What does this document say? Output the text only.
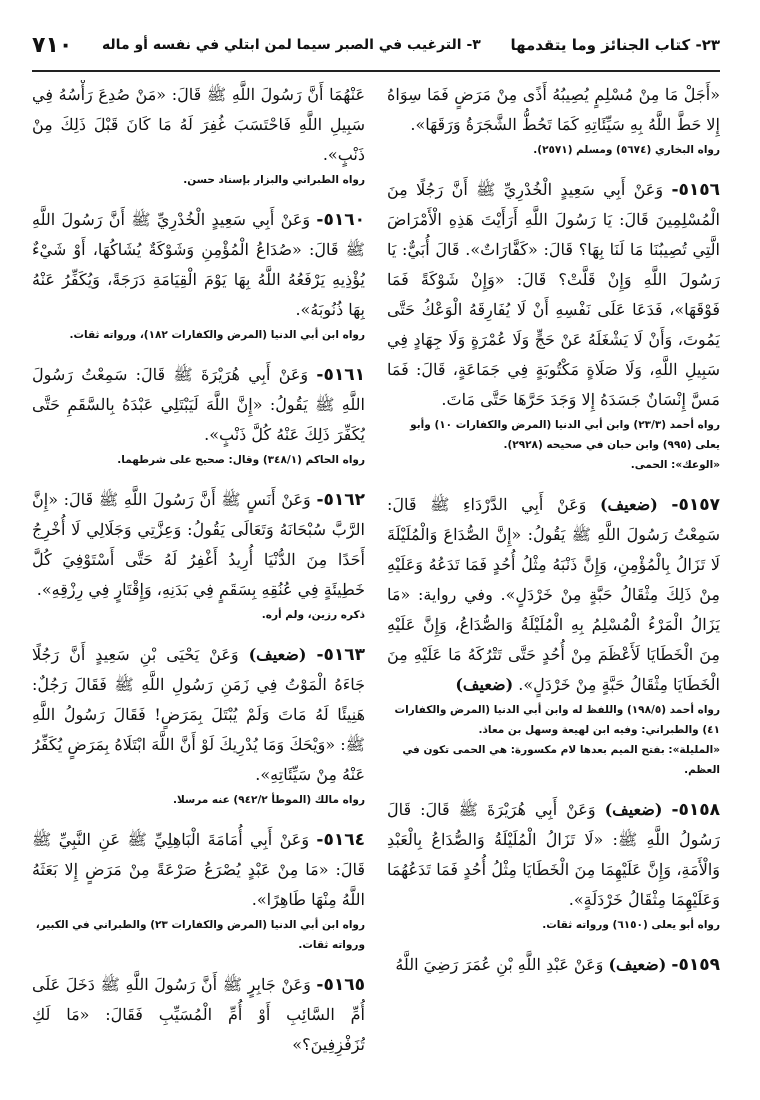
٢٣- كتاب الجنائز وما يتقدمها
٣- الترغيب في الصبر سيما لمن ابتلي في نفسه أو ماله
٧١٠

«أَجَلْ مَا مِنْ مُسْلِمٍ يُصِيبُهُ أَذًى مِنْ مَرَضٍ فَمَا سِوَاهُ إِلا حَطَّ اللَّهُ بِهِ سَيِّئَاتِهِ كَمَا تَحُطُّ الشَّجَرَةُ وَرَقَهَا».

رواه البخاري (٥٦٧٤) ومسلم (٢٥٧١).

٥١٥٦- وَعَنْ أَبِي سَعِيدٍ الْخُدْرِيِّ ﷺ أَنَّ رَجُلًا مِنَ الْمُسْلِمِينَ قَالَ: يَا رَسُولَ اللَّهِ أَرَأَيْتَ هَذِهِ الْأَمْرَاضَ الَّتِي تُصِيبُنَا مَا لَنَا بِهَا؟ قَالَ: «كَفَّارَاتٌ». قَالَ أُبَيٌّ: يَا رَسُولَ اللَّهِ وَإِنْ قَلَّتْ؟ قَالَ: «وَإِنْ شَوْكَةً فَمَا فَوْقَهَا»، فَدَعَا عَلَى نَفْسِهِ أَنْ لَا يُفَارِقَهُ الْوَعْكُ حَتَّى يَمُوتَ، وَأَنْ لَا يَشْغَلَهُ عَنْ حَجٍّ وَلَا عُمْرَةٍ وَلَا جِهَادٍ فِي سَبِيلِ اللَّهِ، وَلَا صَلَاةٍ مَكْتُوبَةٍ فِي جَمَاعَةٍ، قَالَ: فَمَا مَسَّ إِنْسَانٌ جَسَدَهُ إِلا وَجَدَ حَرَّهَا حَتَّى مَاتَ.

رواه أحمد (٢٣/٣) وابن أبي الدنيا (المرض والكفارات ١٠) وأبو يعلى (٩٩٥) وابن حبان في صحيحه (٢٩٢٨).

«الوعك»: الحمى.

٥١٥٧- (ضعيف) وَعَنْ أَبِي الدَّرْدَاءِ ﷺ قَالَ: سَمِعْتُ رَسُولَ اللَّهِ ﷺ يَقُولُ: «إِنَّ الصُّدَاعَ وَالْمُلَيْلَةَ لَا تَزَالُ بِالْمُؤْمِنِ، وَإِنَّ ذَنْبَهُ مِثْلُ أُحُدٍ فَمَا تَدَعُهُ وَعَلَيْهِ مِنْ ذَلِكَ مِثْقَالُ حَبَّةٍ مِنْ خَرْدَلٍ». وفي رواية: «مَا يَزَالُ الْمَرْءُ الْمُسْلِمُ بِهِ الْمُلَيْلَةُ وَالصُّدَاعُ، وَإِنَّ عَلَيْهِ مِنَ الْخَطَايَا لَأَعْظَمَ مِنْ أُحُدٍ حَتَّى تَتْرُكَهُ مَا عَلَيْهِ مِنَ الْخَطَايَا مِثْقَالُ حَبَّةٍ مِنْ خَرْدَلٍ». (ضعيف)

رواه أحمد (١٩٨/٥) واللفظ له وابن أبي الدنيا (المرض والكفارات ٤١) والطبراني: وفيه ابن لهيعة وسهل بن معاذ.

«المليلة»: بفتح الميم بعدها لام مكسورة: هي الحمى تكون في العظم.

٥١٥٨- (ضعيف) وَعَنْ أَبِي هُرَيْرَةَ ﷺ قَالَ: قَالَ رَسُولُ اللَّهِ ﷺ: «لَا تَزَالُ الْمُلَيْلَةُ وَالصُّدَاعُ بِالْعَبْدِ وَالْأَمَةِ، وَإِنَّ عَلَيْهِمَا مِنَ الْخَطَايَا مِثْلُ أُحُدٍ فَمَا تَدَعُهُمَا وَعَلَيْهِمَا مِثْقَالُ خَرْدَلَةٍ».

رواه أبو يعلى (٦١٥٠) ورواته ثقات.

٥١٥٩- (ضعيف) وَعَنْ عَبْدِ اللَّهِ بْنِ عُمَرَ رَضِيَ اللَّهُ

عَنْهُمَا أَنَّ رَسُولَ اللَّهِ ﷺ قَالَ: «مَنْ صُدِعَ رَأْسُهُ فِي سَبِيلِ اللَّهِ فَاحْتَسَبَ غُفِرَ لَهُ مَا كَانَ قَبْلَ ذَلِكَ مِنْ ذَنْبٍ».

رواه الطبراني والبزار بإسناد حسن.

٥١٦٠- وَعَنْ أَبِي سَعِيدٍ الْخُدْرِيِّ ﷺ أَنَّ رَسُولَ اللَّهِ ﷺ قَالَ: «صُدَاعُ الْمُؤْمِنِ وَشَوْكَةٌ يُشَاكُهَا، أَوْ شَيْءٌ يُؤْذِيهِ يَرْفَعُهُ اللَّهُ بِهَا يَوْمَ الْقِيَامَةِ دَرَجَةً، وَيُكَفِّرُ عَنْهُ بِهَا ذُنُوبَهُ».

رواه ابن أبي الدنيا (المرض والكفارات ١٨٢)، ورواته ثقات.

٥١٦١- وَعَنْ أَبِي هُرَيْرَةَ ﷺ قَالَ: سَمِعْتُ رَسُولَ اللَّهِ ﷺ يَقُولُ: «إِنَّ اللَّهَ لَيَبْتَلِي عَبْدَهُ بِالسَّقَمِ حَتَّى يُكَفِّرَ ذَلِكَ عَنْهُ كُلَّ ذَنْبٍ».

رواه الحاكم (٣٤٨/١) وقال: صحيح على شرطهما.

٥١٦٢- وَعَنْ أَنَسٍ ﷺ أَنَّ رَسُولَ اللَّهِ ﷺ قَالَ: «إِنَّ الرَّبَّ سُبْحَانَهُ وَتَعَالَى يَقُولُ: وَعِزَّتِي وَجَلَالِي لَا أُخْرِجُ أَحَدًا مِنَ الدُّنْيَا أُرِيدُ أَغْفِرُ لَهُ حَتَّى أَسْتَوْفِيَ كُلَّ خَطِيئَةٍ فِي عُنُقِهِ بِسَقَمٍ فِي بَدَنِهِ، وَإِقْتَارٍ فِي رِزْقِهِ».

ذكره رزين، ولم أره.

٥١٦٣- (ضعيف) وَعَنْ يَحْيَى بْنِ سَعِيدٍ أَنَّ رَجُلًا جَاءَهُ الْمَوْتُ فِي زَمَنِ رَسُولِ اللَّهِ ﷺ فَقَالَ رَجُلٌ: هَنِيئًا لَهُ مَاتَ وَلَمْ يُبْتَلَ بِمَرَضٍ! فَقَالَ رَسُولُ اللَّهِ ﷺ: «وَيْحَكَ وَمَا يُدْرِيكَ لَوْ أَنَّ اللَّهَ ابْتَلَاهُ بِمَرَضٍ يُكَفِّرُ عَنْهُ مِنْ سَيِّئَاتِهِ».

رواه مالك (الموطأ ٩٤٢/٢) عنه مرسلا.

٥١٦٤- وَعَنْ أَبِي أُمَامَةَ الْبَاهِلِيِّ ﷺ عَنِ النَّبِيِّ ﷺ قَالَ: «مَا مِنْ عَبْدٍ يُصْرَعُ صَرْعَةً مِنْ مَرَضٍ إِلا بَعَثَهُ اللَّهُ مِنْهَا طَاهِرًا».

رواه ابن أبي الدنيا (المرض والكفارات ٢٣) والطبراني في الكبير، ورواته ثقات.

٥١٦٥- وَعَنْ جَابِرٍ ﷺ أَنَّ رَسُولَ اللَّهِ ﷺ دَخَلَ عَلَى أُمِّ السَّائِبِ أَوْ أُمِّ الْمُسَيِّبِ فَقَالَ: «مَا لَكِ تُزَفْزِفِينَ؟»
